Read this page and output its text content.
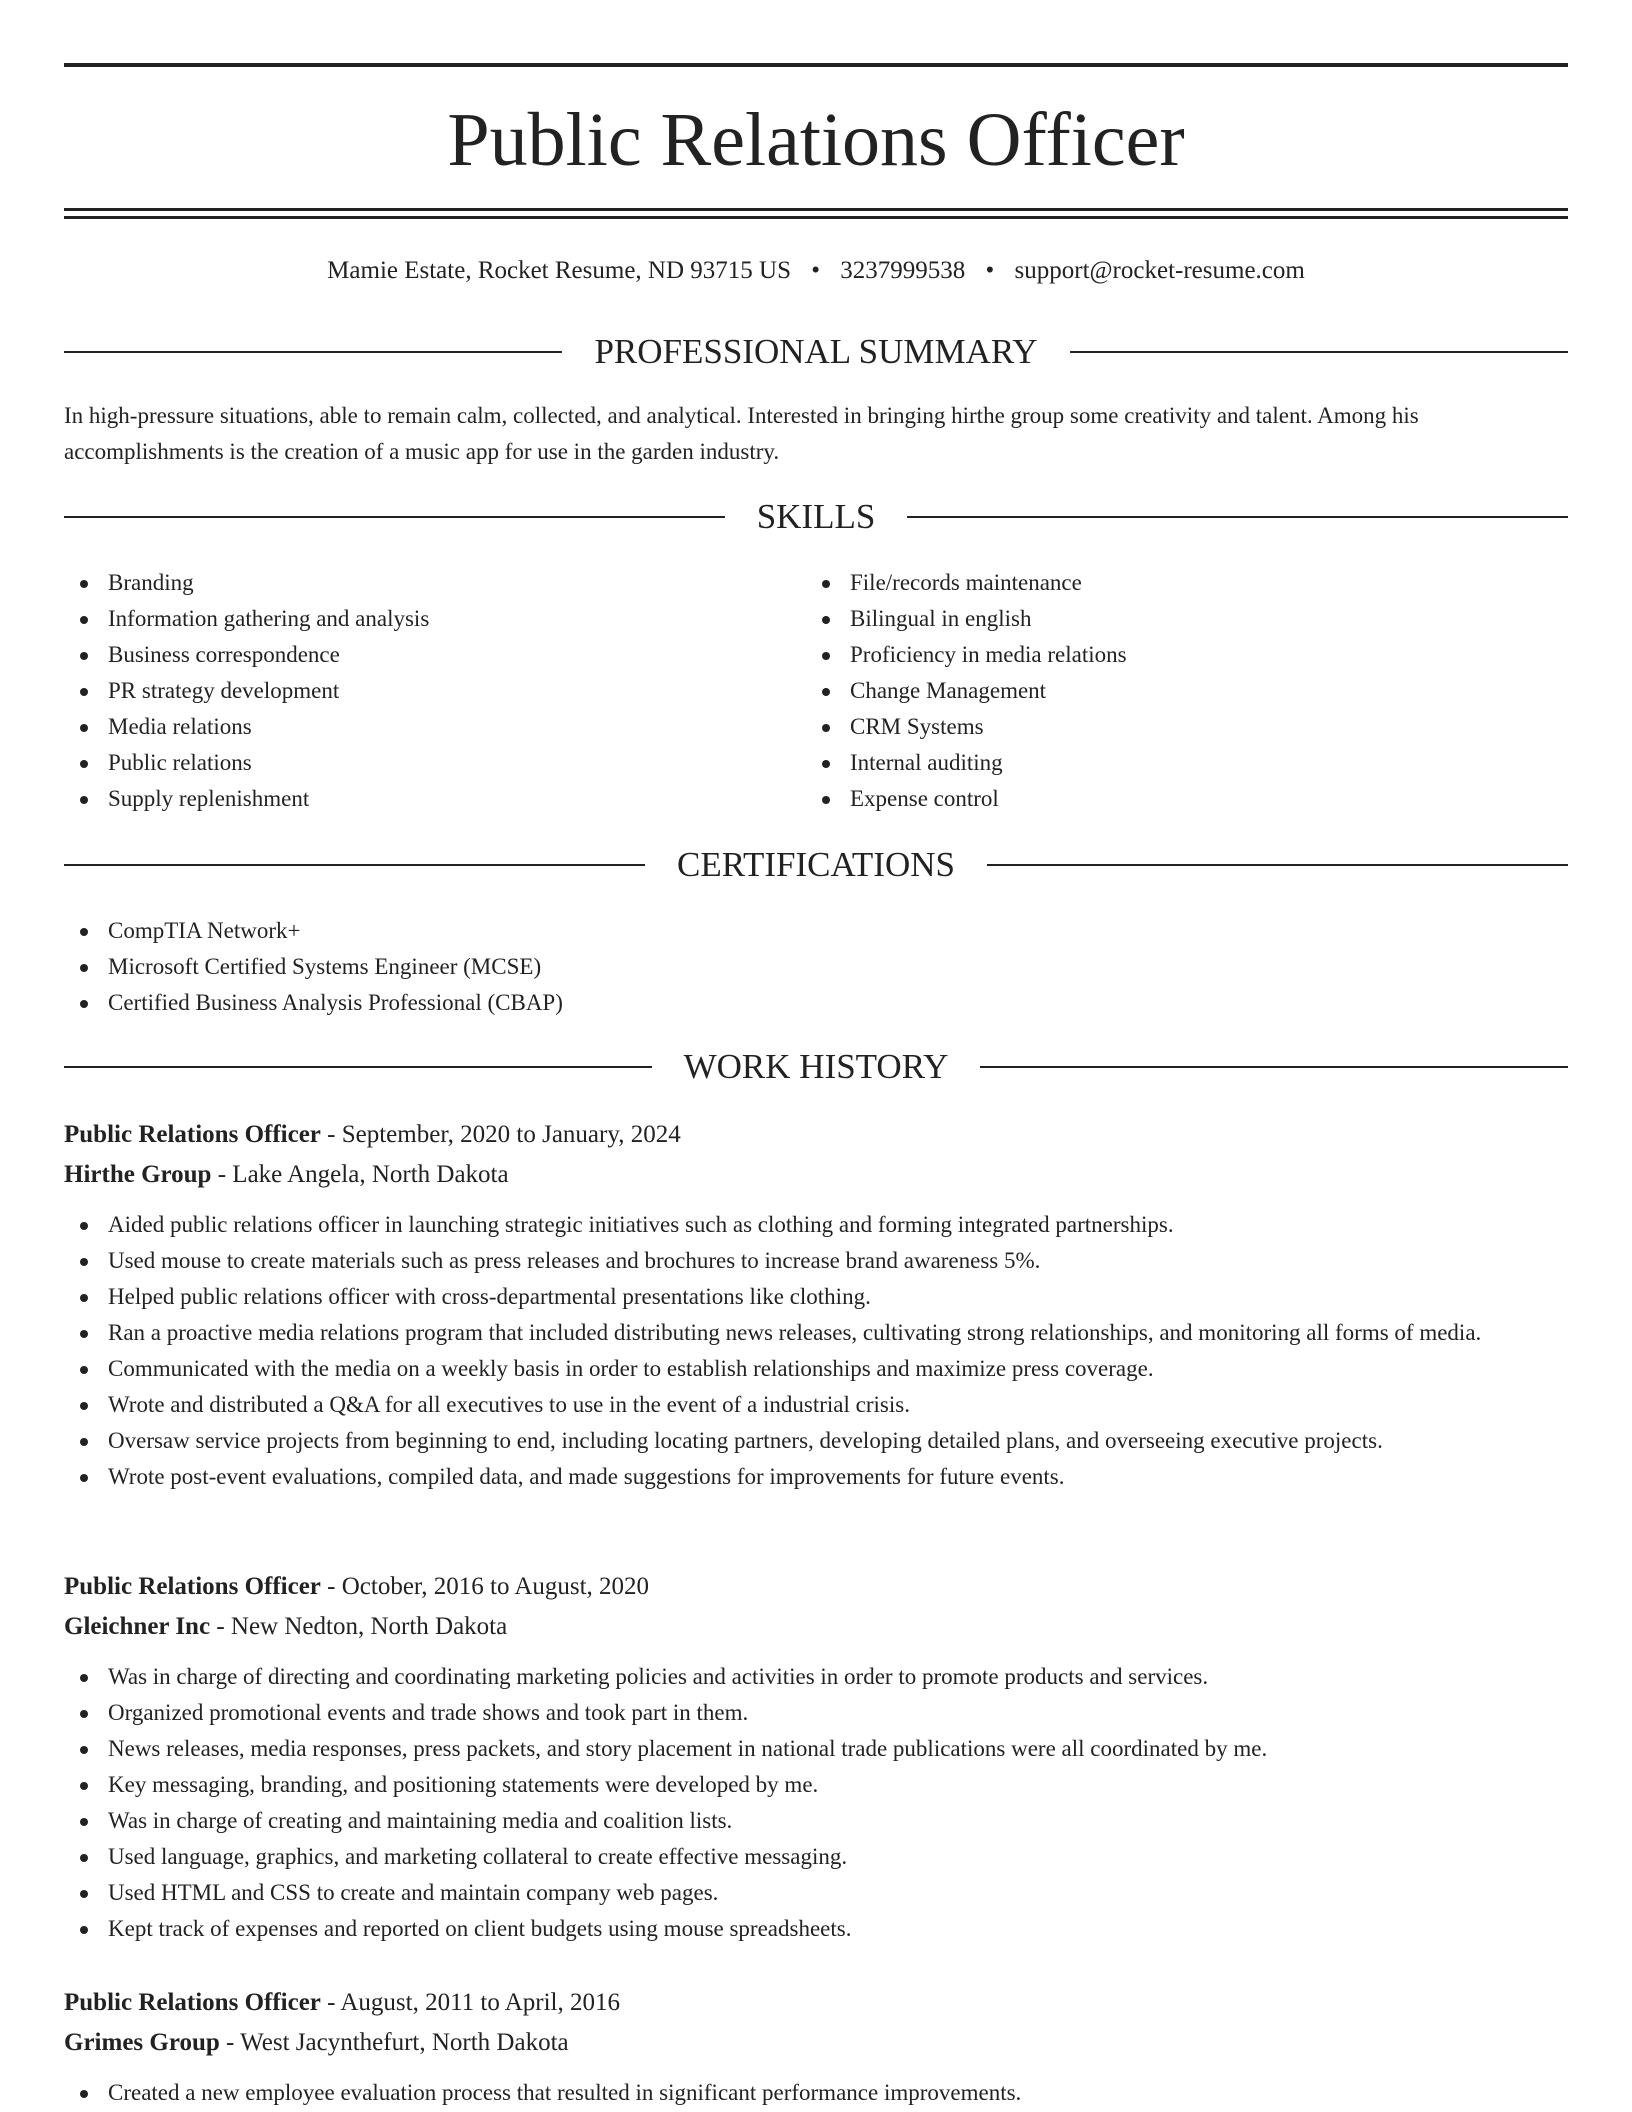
Public Relations Officer
Mamie Estate, Rocket Resume, ND 93715 US • 3237999538 • support@rocket-resume.com
PROFESSIONAL SUMMARY

In high-pressure situations, able to remain calm, collected, and analytical. Interested in bringing hirthe group some creativity and talent. Among his accomplishments is the creation of a music app for use in the garden industry.

SKILLS
Branding
Information gathering and analysis
Business correspondence
PR strategy development
Media relations
Public relations
Supply replenishment
File/records maintenance
Bilingual in english
Proficiency in media relations
Change Management
CRM Systems
Internal auditing
Expense control
CERTIFICATIONS
CompTIA Network+
Microsoft Certified Systems Engineer (MCSE)
Certified Business Analysis Professional (CBAP)
WORK HISTORY
Public Relations Officer - September, 2020 to January, 2024
Hirthe Group - Lake Angela, North Dakota
Aided public relations officer in launching strategic initiatives such as clothing and forming integrated partnerships.
Used mouse to create materials such as press releases and brochures to increase brand awareness 5%.
Helped public relations officer with cross-departmental presentations like clothing.
Ran a proactive media relations program that included distributing news releases, cultivating strong relationships, and monitoring all forms of media.
Communicated with the media on a weekly basis in order to establish relationships and maximize press coverage.
Wrote and distributed a Q&A for all executives to use in the event of a industrial crisis.
Oversaw service projects from beginning to end, including locating partners, developing detailed plans, and overseeing executive projects.
Wrote post-event evaluations, compiled data, and made suggestions for improvements for future events.
Public Relations Officer - October, 2016 to August, 2020
Gleichner Inc - New Nedton, North Dakota
Was in charge of directing and coordinating marketing policies and activities in order to promote products and services.
Organized promotional events and trade shows and took part in them.
News releases, media responses, press packets, and story placement in national trade publications were all coordinated by me.
Key messaging, branding, and positioning statements were developed by me.
Was in charge of creating and maintaining media and coalition lists.
Used language, graphics, and marketing collateral to create effective messaging.
Used HTML and CSS to create and maintain company web pages.
Kept track of expenses and reported on client budgets using mouse spreadsheets.
Public Relations Officer - August, 2011 to April, 2016
Grimes Group - West Jacynthefurt, North Dakota
Created a new employee evaluation process that resulted in significant performance improvements.
